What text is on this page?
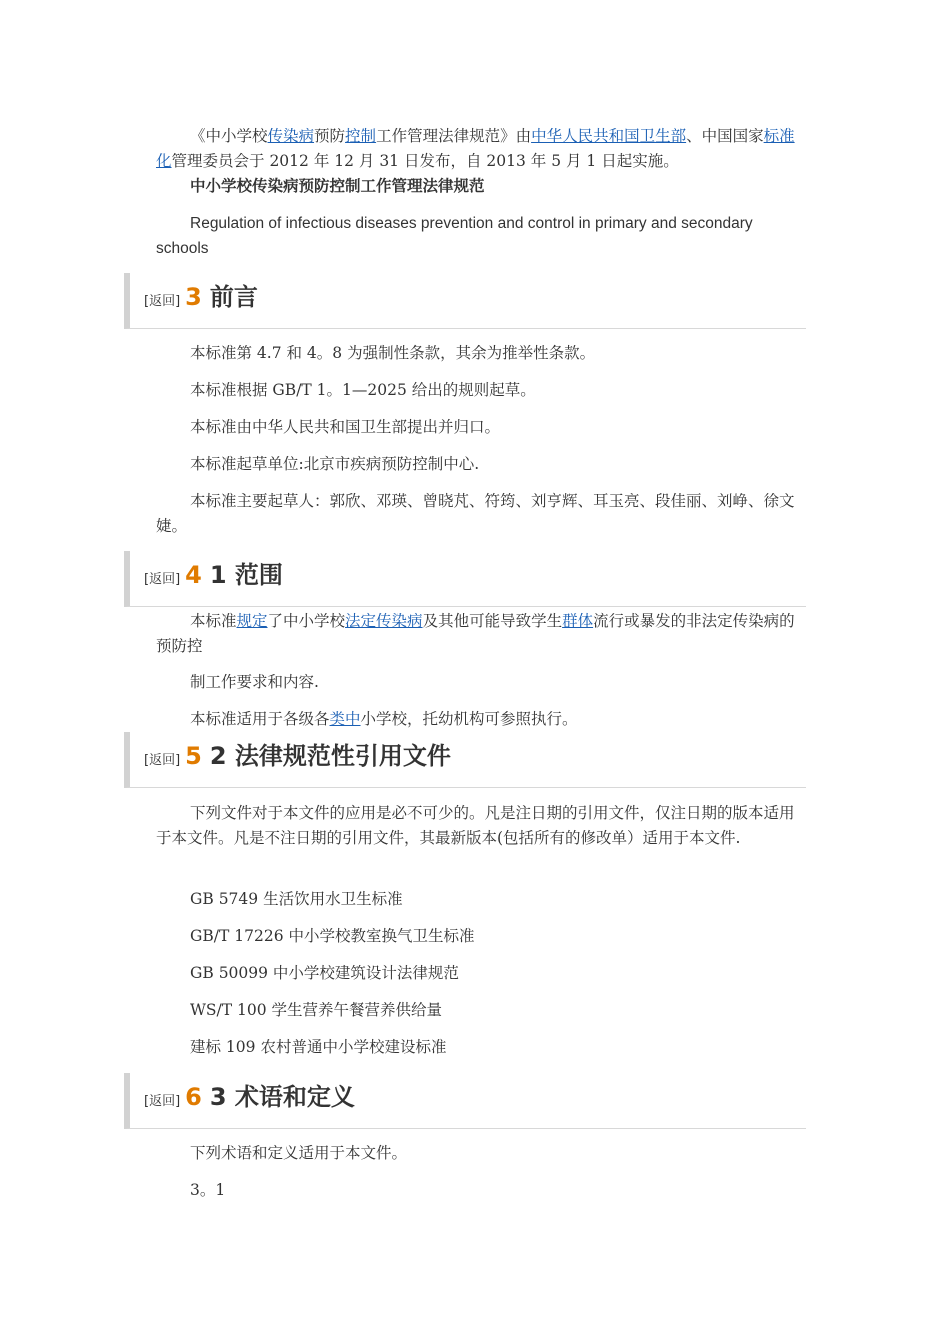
《中小学校传染病预防控制工作管理法律规范》由中华人民共和国卫生部、中国国家标准化管理委员会于 2012 年 12 月 31 日发布，自 2013 年 5 月 1 日起实施。

中小学校传染病预防控制工作管理法律规范

Regulation of infectious diseases prevention and control in primary and secondary schools

[返回] 3 前言

本标准第 4.7 和 4。8 为强制性条款，其余为推举性条款。

本标准根据 GB/T 1。1—2025 给出的规则起草。

本标准由中华人民共和国卫生部提出并归口。

本标准起草单位:北京市疾病预防控制中心.

本标准主要起草人：郭欣、邓瑛、曾晓芃、符筠、刘亨辉、耳玉亮、段佳丽、刘峥、徐文婕。

[返回] 4 1 范围

本标准规定了中小学校法定传染病及其他可能导致学生群体流行或暴发的非法定传染病的预防控

制工作要求和内容.

本标准适用于各级各类中小学校，托幼机构可参照执行。

[返回] 5 2 法律规范性引用文件

下列文件对于本文件的应用是必不可少的。凡是注日期的引用文件，仅注日期的版本适用于本文件。凡是不注日期的引用文件，其最新版本(包括所有的修改单）适用于本文件.

GB 5749 生活饮用水卫生标准

GB/T 17226 中小学校教室换气卫生标准

GB 50099 中小学校建筑设计法律规范

WS/T 100 学生营养午餐营养供给量

建标 109 农村普通中小学校建设标准

[返回] 6 3 术语和定义

下列术语和定义适用于本文件。

3。1
